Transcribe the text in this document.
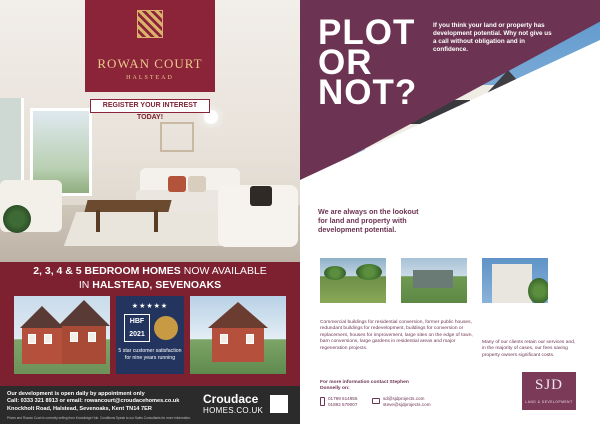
ROWAN COURT
HALSTEAD
REGISTER YOUR INTEREST TODAY!
2, 3, 4 & 5 BEDROOM HOMES NOW AVAILABLE
IN HALSTEAD, SEVENOAKS
★★★★★
HBF 2021
5 star customer satisfaction for nine years running
Our development is open daily by appointment only
Call: 0333 321 8913 or email: rowancourt@croudacehomes.co.uk
Knockholt Road, Halstead, Sevenoaks, Kent TN14 7ER
Prices and Rowan Court is correctly selling from Knowledge Hub. Conditions Speak to our Sales Consultants for more information.
Croudace
HOMES.CO.UK
PLOT
OR
NOT?
If you think your land or property has development potential. Why not give us a call without obligation and in confidence.
We are always on the lookout for land and property with development potential.
Commercial buildings for residential conversion, former public houses, redundant buildings for redevelopment, buildings for conversion or replacement, houses for improvement, large sites on the edge of town, barn conversions, large gardens in residential areas and major regeneration projects.
Many of our clients retain our services and, in the majority of cases, our fees saving property owners significant costs.
For more information contact Stephen Donnelly on:
01799 514955
01892 579007
sd@sjdprojects.com
steve@sjdprojects.com
SJD
LAND & DEVELOPMENT
